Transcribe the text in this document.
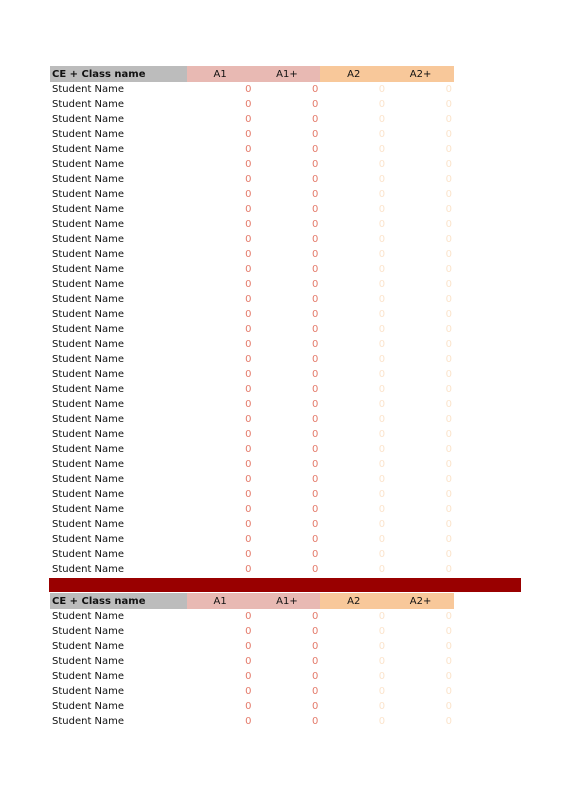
CE + Class name	A1	A1+	A2	A2+
Student Name	0	0	0	0
Student Name	0	0	0	0
Student Name	0	0	0	0
Student Name	0	0	0	0
Student Name	0	0	0	0
Student Name	0	0	0	0
Student Name	0	0	0	0
Student Name	0	0	0	0
Student Name	0	0	0	0
Student Name	0	0	0	0
Student Name	0	0	0	0
Student Name	0	0	0	0
Student Name	0	0	0	0
Student Name	0	0	0	0
Student Name	0	0	0	0
Student Name	0	0	0	0
Student Name	0	0	0	0
Student Name	0	0	0	0
Student Name	0	0	0	0
Student Name	0	0	0	0
Student Name	0	0	0	0
Student Name	0	0	0	0
Student Name	0	0	0	0
Student Name	0	0	0	0
Student Name	0	0	0	0
Student Name	0	0	0	0
Student Name	0	0	0	0
Student Name	0	0	0	0
Student Name	0	0	0	0
Student Name	0	0	0	0
Student Name	0	0	0	0
Student Name	0	0	0	0
Student Name	0	0	0	0
CE + Class name	A1	A1+	A2	A2+
Student Name	0	0	0	0
Student Name	0	0	0	0
Student Name	0	0	0	0
Student Name	0	0	0	0
Student Name	0	0	0	0
Student Name	0	0	0	0
Student Name	0	0	0	0
Student Name	0	0	0	0
